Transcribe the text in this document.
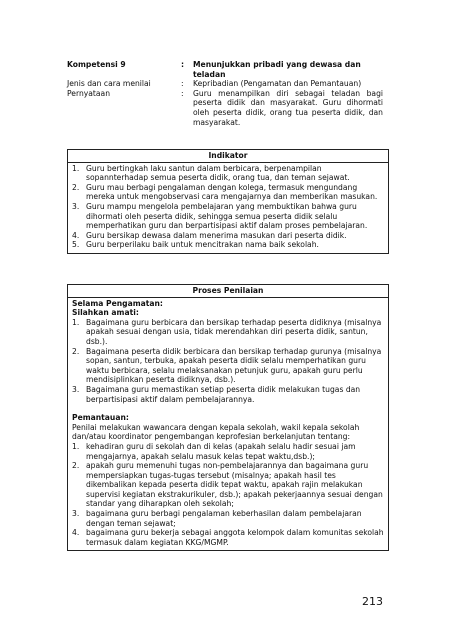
Kompetensi 9	:	Menunjukkan pribadi yang dewasa dan teladan
Jenis dan cara menilai	:	Kepribadian (Pengamatan dan Pemantauan)
Pernyataan	:	Guru menampilkan diri sebagai teladan bagi peserta didik dan masyarakat. Guru dihormati oleh peserta didik, orang tua peserta didik, dan masyarakat.
Indikator
1. Guru bertingkah laku santun dalam berbicara, berpenampilan sopannterhadap semua peserta didik, orang tua, dan teman sejawat.
2. Guru mau berbagi pengalaman dengan kolega, termasuk mengundang mereka untuk mengobservasi cara mengajarnya dan memberikan masukan.
3. Guru mampu mengelola pembelajaran yang membuktikan bahwa guru dihormati oleh peserta didik, sehingga semua peserta didik selalu memperhatikan guru dan berpartisipasi aktif dalam proses pembelajaran.
4. Guru bersikap dewasa dalam menerima masukan dari peserta didik.
5. Guru berperilaku baik untuk mencitrakan nama baik sekolah.
Proses Penilaian
Selama Pengamatan:
Silahkan amati:
1. Bagaimana guru berbicara dan bersikap terhadap peserta didiknya (misalnya apakah sesuai dengan usia, tidak merendahkan diri peserta didik, santun, dsb.).
2. Bagaimana peserta didik berbicara dan bersikap terhadap gurunya (misalnya sopan, santun, terbuka, apakah peserta didik selalu memperhatikan guru waktu berbicara, selalu melaksanakan petunjuk guru, apakah guru perlu mendisiplinkan peserta didiknya, dsb.).
3. Bagaimana guru memastikan setiap peserta didik melakukan tugas dan berpartisipasi aktif dalam pembelajarannya.
Pemantauan:
Penilai melakukan wawancara dengan kepala sekolah, wakil kepala sekolah dan/atau koordinator pengembangan keprofesian berkelanjutan tentang:
1. kehadiran guru di sekolah dan di kelas (apakah selalu hadir sesuai jam mengajarnya, apakah selalu masuk kelas tepat waktu,dsb.);
2. apakah guru memenuhi tugas non-pembelajarannya dan bagaimana guru mempersiapkan tugas-tugas tersebut (misalnya; apakah hasil tes dikembalikan kepada peserta didik tepat waktu, apakah rajin melakukan supervisi kegiatan ekstrakurikuler, dsb.); apakah pekerjaannya sesuai dengan standar yang diharapkan oleh sekolah;
3. bagaimana guru berbagi pengalaman keberhasilan dalam pembelajaran dengan teman sejawat;
4. bagaimana guru bekerja sebagai anggota kelompok dalam komunitas sekolah termasuk dalam kegiatan KKG/MGMP.
213
